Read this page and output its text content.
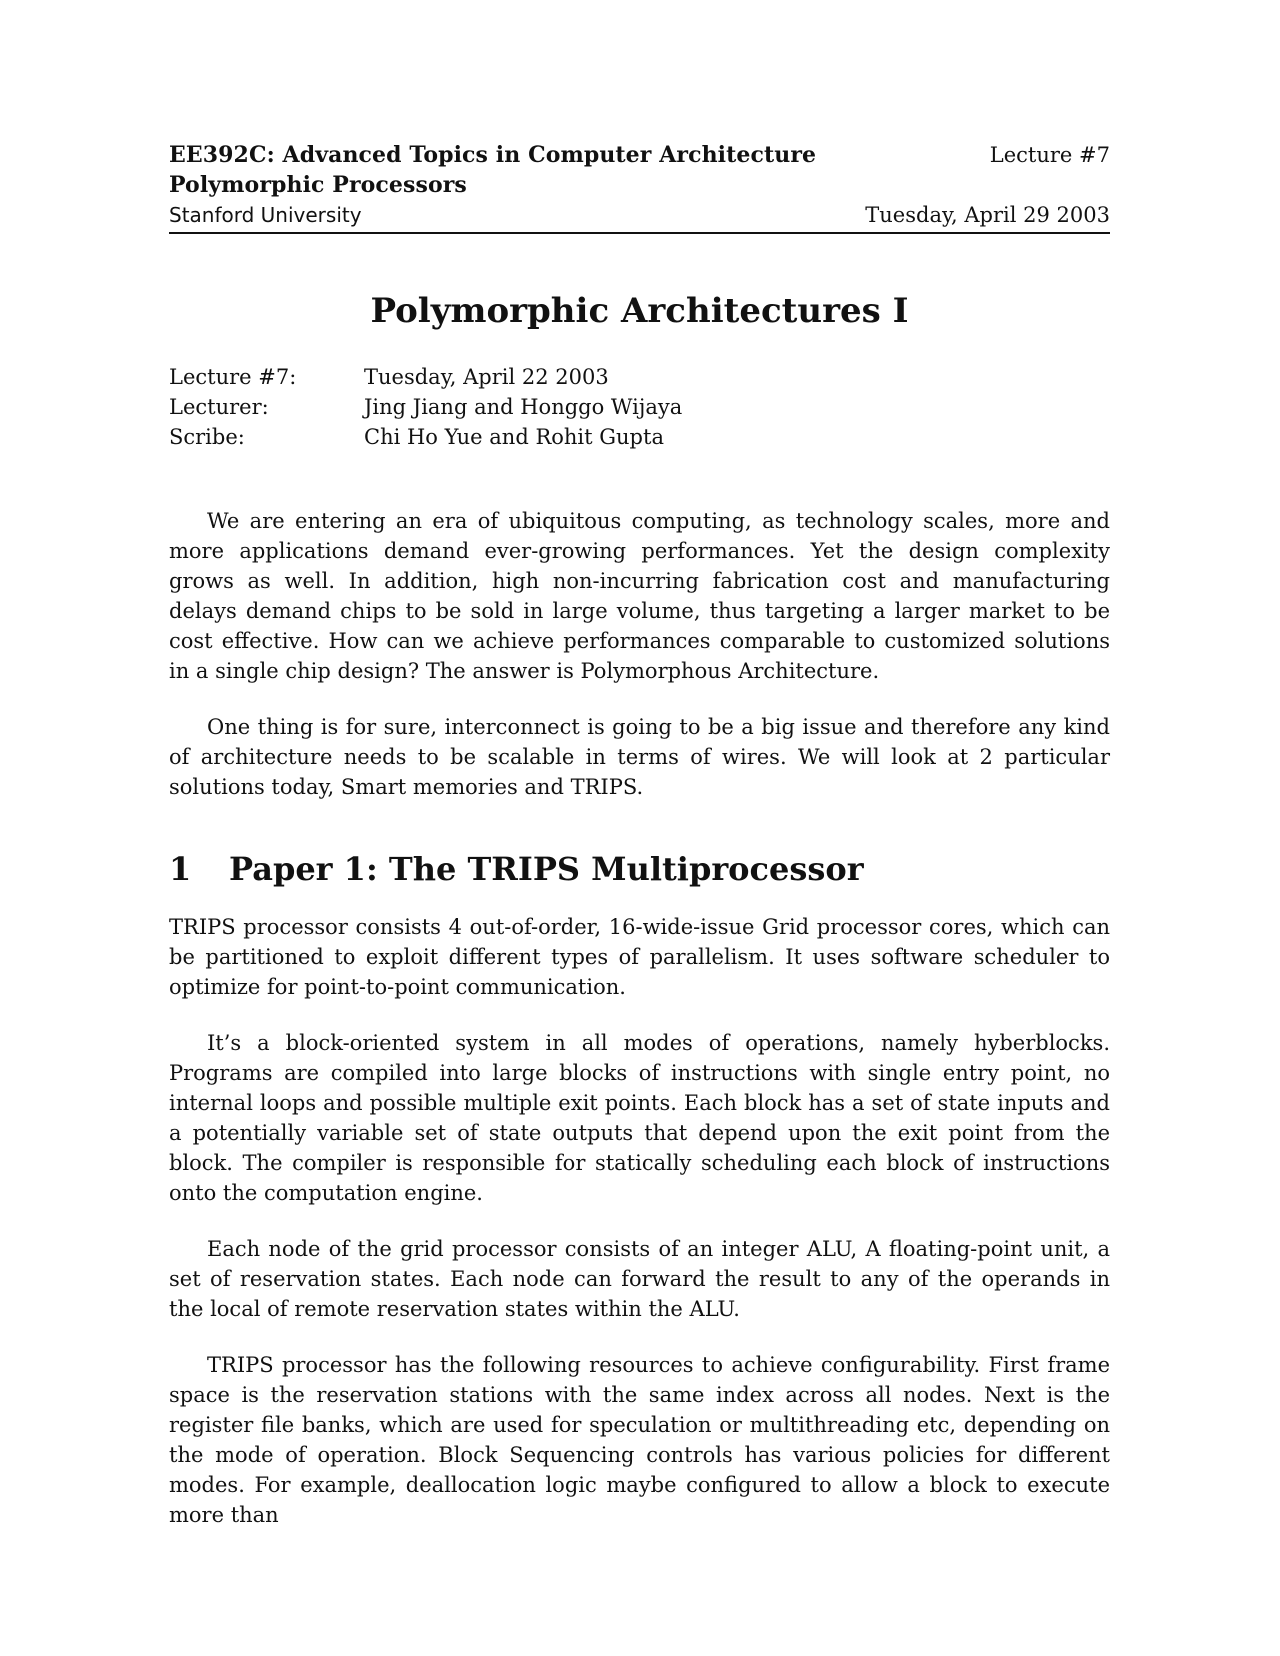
EE392C: Advanced Topics in Computer Architecture	Lecture #7
Polymorphic Processors
Stanford University	Tuesday, April 29 2003
Polymorphic Architectures I
Lecture #7:	Tuesday, April 22 2003
Lecturer:	Jing Jiang and Honggo Wijaya
Scribe:	Chi Ho Yue and Rohit Gupta

We are entering an era of ubiquitous computing, as technology scales, more and more applications demand ever-growing performances. Yet the design complexity grows as well. In addition, high non-incurring fabrication cost and manufacturing delays demand chips to be sold in large volume, thus targeting a larger market to be cost effective. How can we achieve performances comparable to customized solutions in a single chip design? The answer is Polymorphous Architecture.

One thing is for sure, interconnect is going to be a big issue and therefore any kind of architecture needs to be scalable in terms of wires. We will look at 2 particular solutions today, Smart memories and TRIPS.

1	Paper 1: The TRIPS Multiprocessor

TRIPS processor consists 4 out-of-order, 16-wide-issue Grid processor cores, which can be partitioned to exploit different types of parallelism. It uses software scheduler to optimize for point-to-point communication.

It’s a block-oriented system in all modes of operations, namely hyberblocks. Programs are compiled into large blocks of instructions with single entry point, no internal loops and possible multiple exit points. Each block has a set of state inputs and a potentially variable set of state outputs that depend upon the exit point from the block. The compiler is responsible for statically scheduling each block of instructions onto the computation engine.

Each node of the grid processor consists of an integer ALU, A floating-point unit, a set of reservation states. Each node can forward the result to any of the operands in the local of remote reservation states within the ALU.

TRIPS processor has the following resources to achieve configurability. First frame space is the reservation stations with the same index across all nodes. Next is the register file banks, which are used for speculation or multithreading etc, depending on the mode of operation. Block Sequencing controls has various policies for different modes. For example, deallocation logic maybe configured to allow a block to execute more than
